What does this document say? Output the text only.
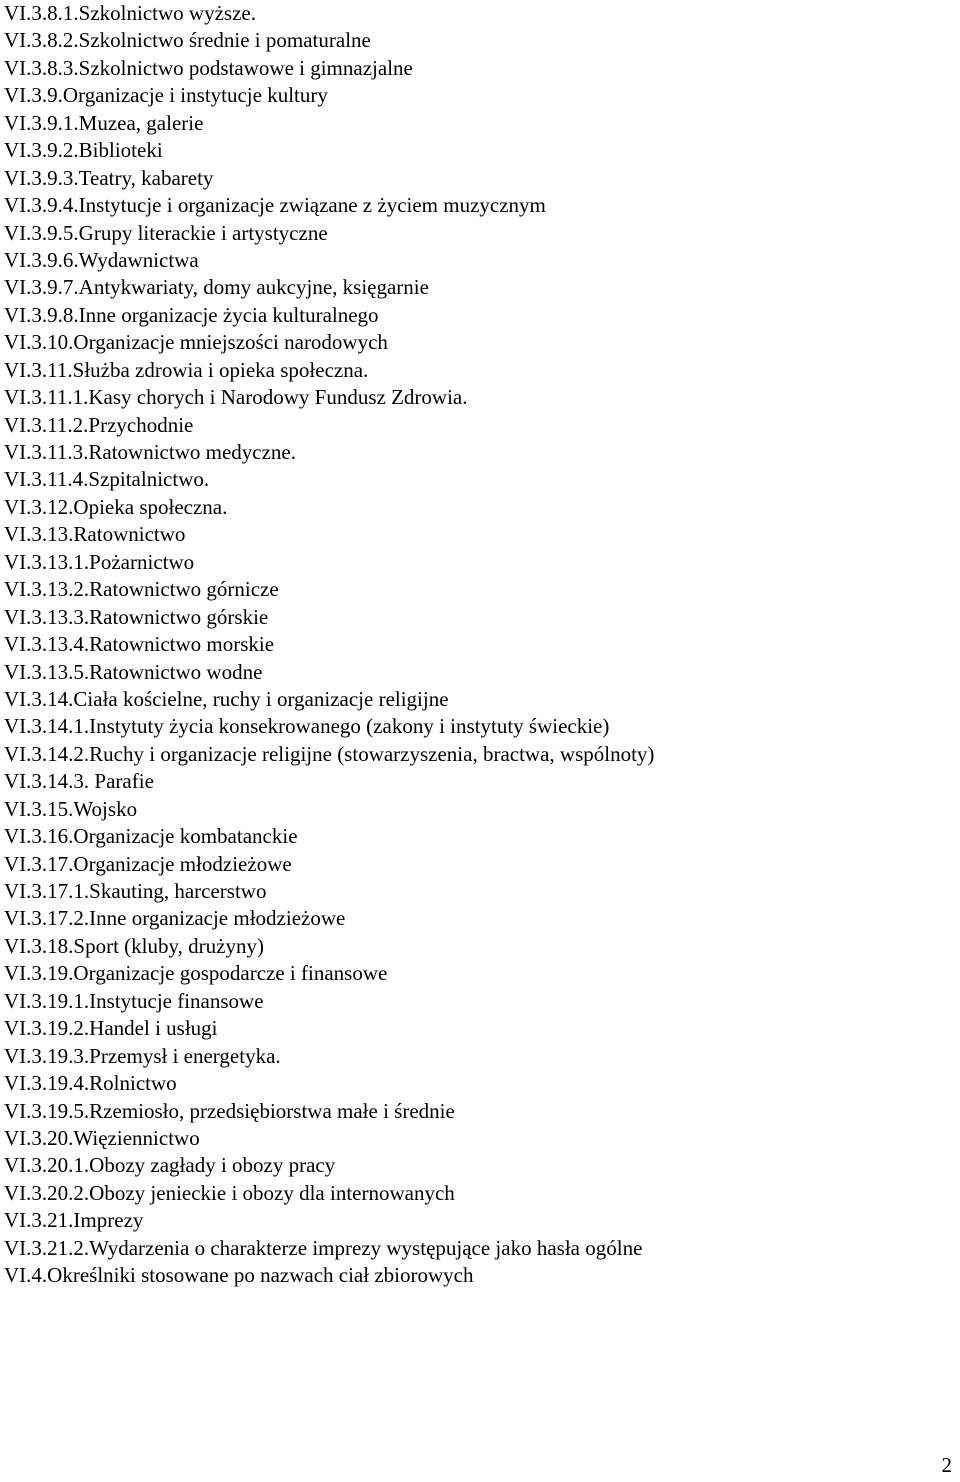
VI.3.8.1.Szkolnictwo wyższe.
VI.3.8.2.Szkolnictwo średnie i pomaturalne
VI.3.8.3.Szkolnictwo podstawowe i gimnazjalne
VI.3.9.Organizacje i instytucje kultury
VI.3.9.1.Muzea, galerie
VI.3.9.2.Biblioteki
VI.3.9.3.Teatry, kabarety
VI.3.9.4.Instytucje i organizacje związane z życiem muzycznym
VI.3.9.5.Grupy literackie i artystyczne
VI.3.9.6.Wydawnictwa
VI.3.9.7.Antykwariaty, domy aukcyjne, księgarnie
VI.3.9.8.Inne organizacje życia kulturalnego
VI.3.10.Organizacje mniejszości narodowych
VI.3.11.Służba zdrowia i opieka społeczna.
VI.3.11.1.Kasy chorych i Narodowy Fundusz Zdrowia.
VI.3.11.2.Przychodnie
VI.3.11.3.Ratownictwo medyczne.
VI.3.11.4.Szpitalnictwo.
VI.3.12.Opieka społeczna.
VI.3.13.Ratownictwo
VI.3.13.1.Pożarnictwo
VI.3.13.2.Ratownictwo górnicze
VI.3.13.3.Ratownictwo górskie
VI.3.13.4.Ratownictwo morskie
VI.3.13.5.Ratownictwo wodne
VI.3.14.Ciała kościelne, ruchy i organizacje religijne
VI.3.14.1.Instytuty życia konsekrowanego (zakony i instytuty świeckie)
VI.3.14.2.Ruchy i organizacje religijne (stowarzyszenia, bractwa, wspólnoty)
VI.3.14.3. Parafie
VI.3.15.Wojsko
VI.3.16.Organizacje kombatanckie
VI.3.17.Organizacje młodzieżowe
VI.3.17.1.Skauting, harcerstwo
VI.3.17.2.Inne organizacje młodzieżowe
VI.3.18.Sport (kluby, drużyny)
VI.3.19.Organizacje gospodarcze i finansowe
VI.3.19.1.Instytucje finansowe
VI.3.19.2.Handel i usługi
VI.3.19.3.Przemysł i energetyka.
VI.3.19.4.Rolnictwo
VI.3.19.5.Rzemiosło, przedsiębiorstwa małe i średnie
VI.3.20.Więziennictwo
VI.3.20.1.Obozy zagłady i obozy pracy
VI.3.20.2.Obozy jenieckie i obozy dla internowanych
VI.3.21.Imprezy
VI.3.21.2.Wydarzenia o charakterze imprezy występujące jako hasła ogólne
VI.4.Określniki stosowane po nazwach ciał zbiorowych
2
